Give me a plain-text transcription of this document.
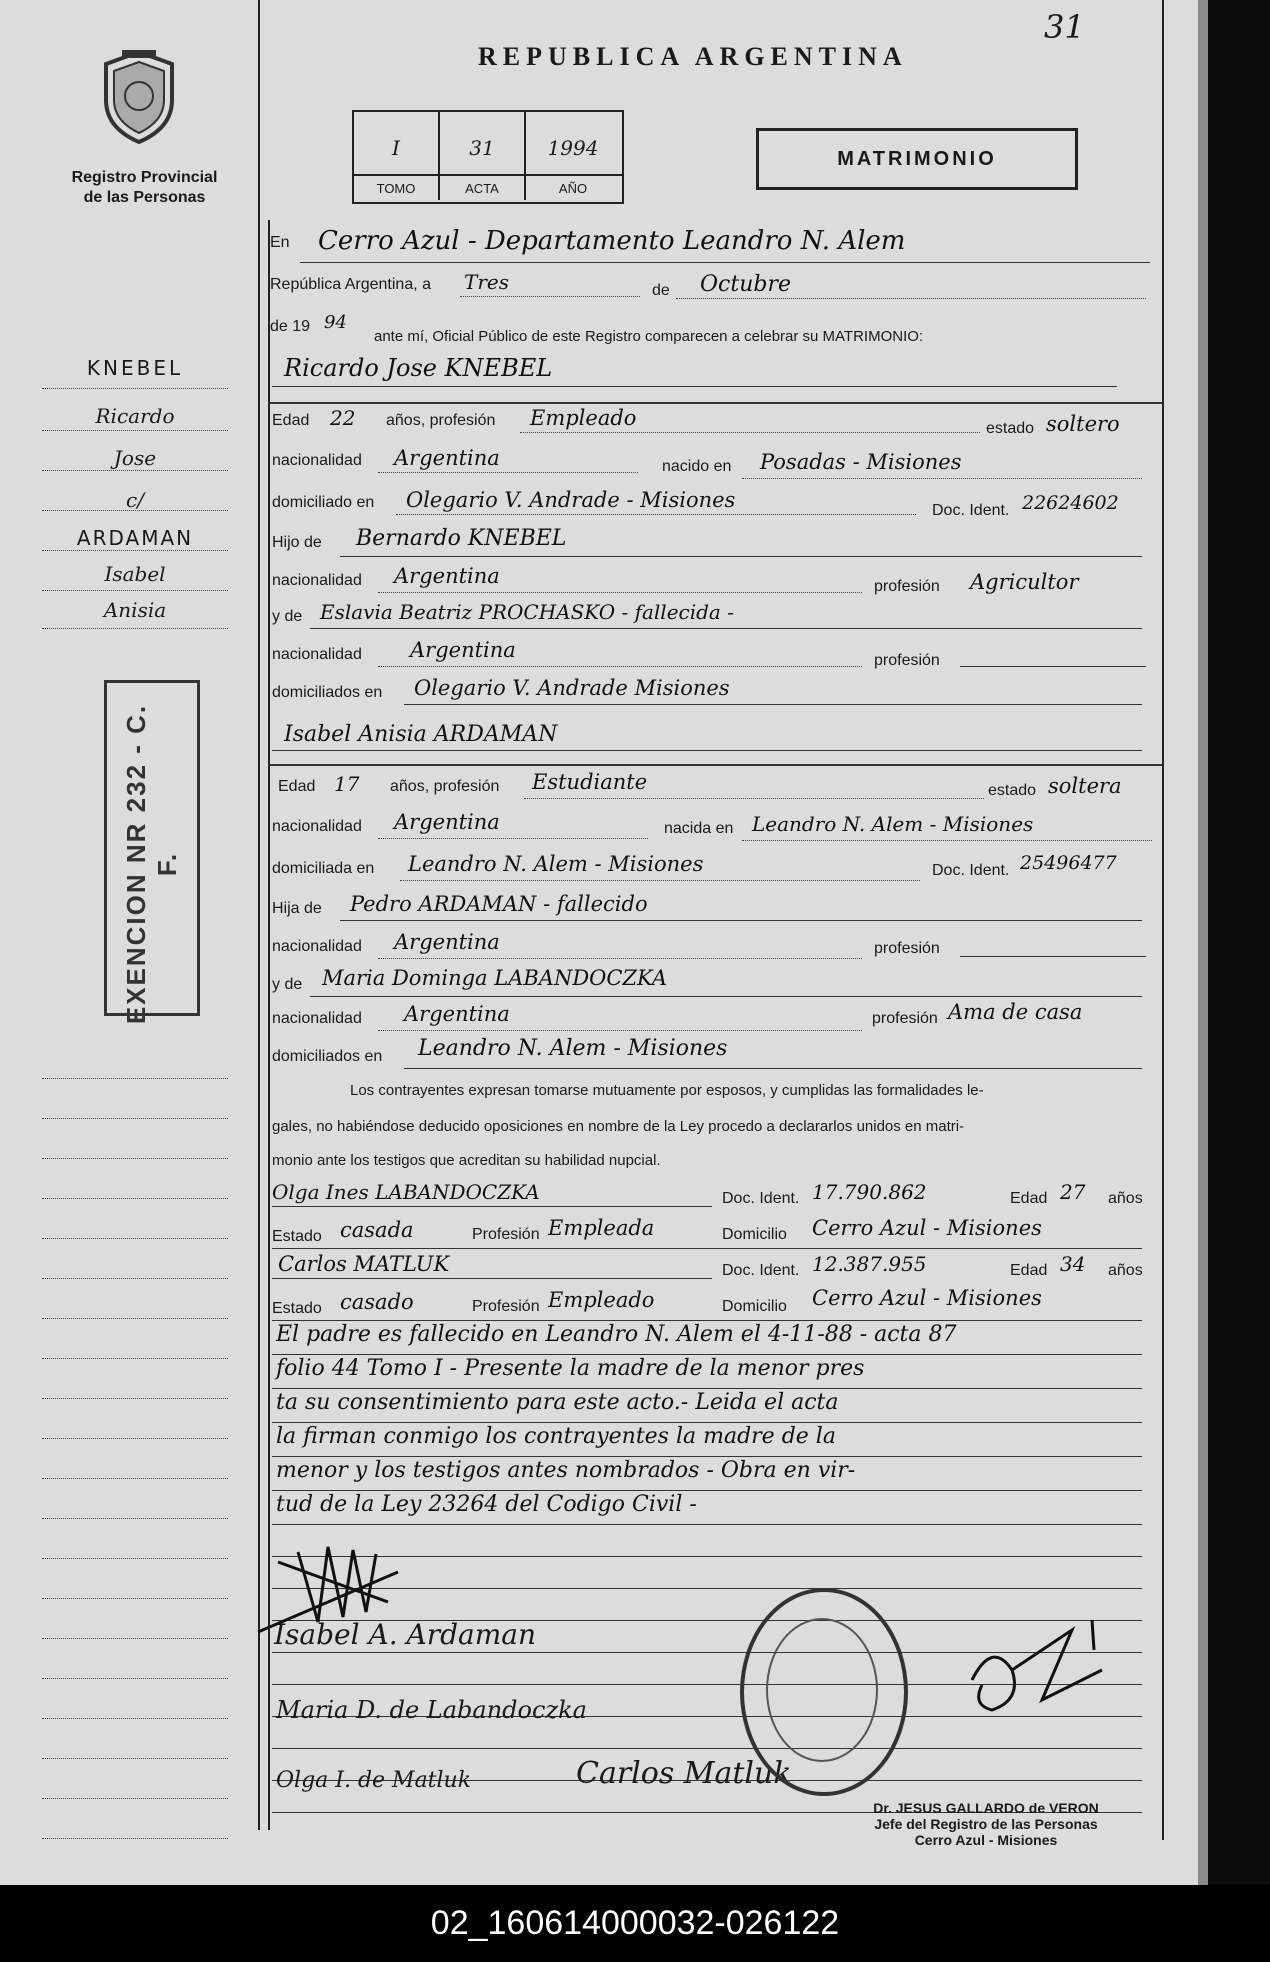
31
Registro Provincial
de las Personas
REPUBLICA ARGENTINA
I
TOMO
31
ACTA
1994
AÑO
MATRIMONIO
En Cerro Azul - Departamento Leandro N. Alem
República Argentina, a Tres	de Octubre
de 19 94
ante mí, Oficial Público de este Registro comparecen a celebrar su MATRIMONIO:
Ricardo Jose KNEBEL
Edad 22 años, profesión Empleado	estado soltero
nacionalidad Argentina	nacido en Posadas - Misiones
domiciliado en Olegario V. Andrade - Misiones	Doc. Ident. 22624602
Hijo de Bernardo KNEBEL
nacionalidad Argentina	profesión Agricultor
y de Eslavia Beatriz PROCHASKO - fallecida -
nacionalidad Argentina	profesión
domiciliados en Olegario V. Andrade Misiones
Isabel Anisia ARDAMAN
Edad 17 años, profesión Estudiante	estado soltera
nacionalidad Argentina	nacida en Leandro N. Alem - Misiones
domiciliada en Leandro N. Alem - Misiones	Doc. Ident. 25496477
Hija de Pedro ARDAMAN - fallecido
nacionalidad Argentina	profesión
y de Maria Dominga LABANDOCZKA
nacionalidad Argentina	profesión Ama de casa
domiciliados en Leandro N. Alem - Misiones
Los contrayentes expresan tomarse mutuamente por esposos, y cumplidas las formalidades le-
gales, no habiéndose deducido oposiciones en nombre de la Ley procedo a declararlos unidos en matri-
monio ante los testigos que acreditan su habilidad nupcial.
Olga Ines LABANDOCZKA	Doc. Ident. 17.790.862	Edad 27 años
Estado casada	Profesión Empleada	Domicilio Cerro Azul - Misiones
Carlos MATLUK	Doc. Ident. 12.387.955	Edad 34 años
Estado casado	Profesión Empleado	Domicilio Cerro Azul - Misiones
El padre es fallecido en Leandro N. Alem el 4-11-88 - acta 87
folio 44 Tomo I - Presente la madre de la menor pres
ta su consentimiento para este acto.- Leida el acta
la firman conmigo los contrayentes la madre de la
menor y los testigos antes nombrados - Obra en vir-
tud de la Ley 23264 del Codigo Civil -
Isabel A. Ardaman
Maria D. de Labandoczka
Olga I. de Matluk	Carlos Matluk
Dr. JESUS GALLARDO de VERON
Jefe del Registro de las Personas
Cerro Azul - Misiones
KNEBEL
Ricardo
Jose
c/
ARDAMAN
Isabel
Anisia
EXENCION NR 232 - C. F.
02_160614000032-026122
